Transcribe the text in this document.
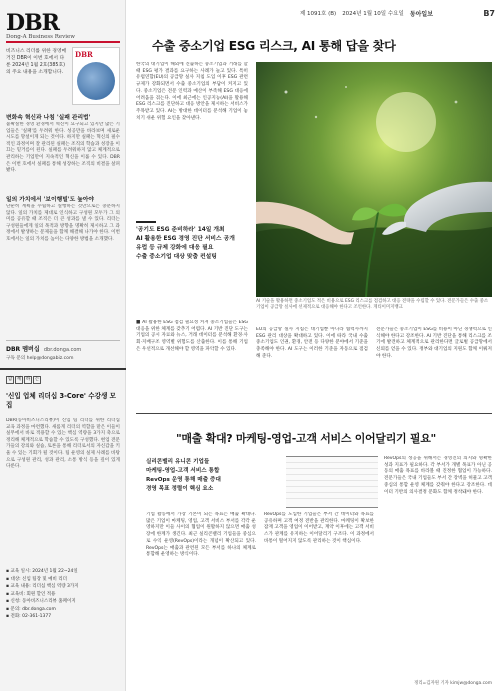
DBR
Dong-A Business Review
비즈니스 리더를 위한 경영매거진 DBR이 이번 호에서 다룬 2024년 1월 2호(385호)의 주요 내용을 소개합니다.
DBR
변화속 혁신과 나침 '실패 관리법'
불확실한 경영 환경에서 혁신이 요구되고 있지만 많은 기업들은 '실패'를 두려워 한다. 성공만을 바라보며 새로운 시도를 망설이게 되는 것이다. 하지만 실패는 혁신의 필수적인 과정이며 잘 관리된 실패는 조직의 학습과 성장을 이끄는 밑거름이 된다. 실패를 두려워하지 않고 체계적으로 관리하는 기업만이 지속적인 혁신을 이룰 수 있다. DBR은 이번 호에서 실패를 통해 성장하는 조직의 비결을 살펴봤다.
일의 가치에서 '보이행빌'도 높아야
단순히 계획을 수립하고 실행하는 것만으로는 충분하지 않다. 일의 가치를 제대로 인식하고 구성원 모두가 그 의미를 공유할 때 조직은 더 큰 성과를 낼 수 있다. 리더는 구성원들에게 일의 목적과 방향을 명확히 제시하고 그 과정에서 발생하는 문제들을 함께 해결해 나가야 한다. 이번 호에서는 일의 가치를 높이는 다양한 방법을 소개했다.
DBR 멤버십 dbr.donga.com
구독 문의 help@dongabiz.com
함	께	하	는
'신입 업체 리더십 3-Core' 수강생 모집
DBR(동아비즈니스리뷰)이 신임 팀 리더를 위한 리더십 교육 과정을 마련했다. 새롭게 리더의 역할을 맡은 이들이 실무에서 바로 적용할 수 있는 핵심 역량을 3가지 축으로 정리해 체계적으로 학습할 수 있도록 구성했다. 현업 전문가들의 강의와 실습, 토론을 통해 리더로서의 자신감을 키울 수 있는 기회가 될 것이다. 팀 운영의 실제 사례를 바탕으로 구성원 관리, 성과 관리, 소통 방식 등을 깊이 있게 다룬다.
▪ 교육 일시: 2024년 1월 22~24일
▪ 대상: 신임 팀장 및 예비 리더
▪ 교육 내용: 리더십 핵심 역량 3가지
▪ 교육비: 회원 할인 적용
▪ 신청: 동아비즈니스리뷰 홈페이지
▪ 문의: dbr.donga.com
▪ 전화: 02-361-1377
제 1091호 (B) 2024년 1월 10일 수요일 동아일보	B7
수출 중소기업 ESG 리스크, AI 통해 답을 찾다
한국의 대기업이 해외에 진출하는 중소기업과 거래를 할 때 ESG 평가 결과를 요구하는 사례가 늘고 있다. 특히 유럽연합(EU)의 공급망 실사 지침 도입 이후 ESG 관련 규제가 강화되면서 수출 중소기업의 부담이 커지고 있다. 중소기업은 전문 인력과 예산이 부족해 ESG 대응에 어려움을 겪는다. 이에 최근에는 인공지능(AI)을 활용해 ESG 리스크를 진단하고 대응 방안을 제시하는 서비스가 주목받고 있다. AI는 방대한 데이터를 분석해 기업이 놓치기 쉬운 위험 요인을 찾아낸다.
'공기도 ESG 준비하라' 14일 개최
AI 활용한 ESG 경영 진단 서비스 공개
유럽 등 규제 강화에 대응 필요
수출 중소기업 대상 맞춤 컨설팅
AI 기술을 활용하면 중소기업도 적은 비용으로 ESG 리스크를 점검하고 대응 전략을 수립할 수 있다. 전문가들은 수출 중소기업이 공급망 실사에 선제적으로 대응해야 한다고 조언한다. 게티이미지뱅크
■ AI 활용한 ESG 점검 필요성 커져 중소기업들은 ESG 대응을 위한 체계를 갖추기 어렵다. AI 기반 진단 도구는 기업의 공시 자료와 뉴스, 거래 데이터를 분석해 환경·사회·지배구조 영역별 위험도를 산출한다. 이를 통해 기업은 우선적으로 개선해야 할 영역을 파악할 수 있다.
EU의 공급망 실사 지침은 대기업뿐 아니라 협력사까지 ESG 관리 대상을 확대하고 있다. 이에 따라 국내 수출 중소기업도 인권, 환경, 안전 등 다양한 분야에서 기준을 충족해야 한다. AI 도구는 이러한 기준을 자동으로 점검해 준다.
전문가들은 중소기업이 ESG를 비용이 아닌 경쟁력으로 인식해야 한다고 강조한다. AI 기반 진단을 통해 리스크를 조기에 발견하고 체계적으로 관리한다면 글로벌 공급망에서 신뢰를 얻을 수 있다. 정부와 대기업의 지원도 함께 이뤄져야 한다.
"매출 확대? 마케팅-영업-고객 서비스 이어달리기 필요"
실리콘밸리 유니콘 기업들
마케팅-영업-고객 서비스 통합
RevOps 운영 통해 매출 증대
경영 목표 정렬이 핵심 요소
기업 활동에서 가장 기본이 되는 목표는 매출 확대다. 많은 기업이 마케팅, 영업, 고객 서비스 부서를 각각 운영하지만 이들 사이의 협업이 원활하지 않으면 매출 성장에 한계가 생긴다. 최근 실리콘밸리 기업들을 중심으로 수익 운영(RevOps)이라는 개념이 확산되고 있다. RevOps는 매출과 관련된 모든 부서를 하나의 체계로 통합해 운영하는 방식이다.
RevOps를 도입한 기업들은 부서 간 데이터와 목표를 공유하며 고객 여정 전반을 관리한다. 마케팅이 확보한 잠재 고객을 영업이 이어받고, 계약 이후에는 고객 서비스가 관계를 유지하는 이어달리기 구조다. 이 과정에서 바통이 떨어지지 않도록 관리하는 것이 핵심이다.
RevOps의 성공을 위해서는 경영진의 의지와 명확한 성과 지표가 필요하다. 각 부서가 개별 목표가 아닌 공동의 매출 목표를 바라볼 때 진정한 협업이 가능하다. 전문가들은 국내 기업들도 부서 간 장벽을 허물고 고객 중심의 통합 운영 체계를 갖춰야 한다고 강조한다. 데이터 기반의 의사결정 문화도 함께 정착돼야 한다.
정리=김자원 기자 kimjw@donga.com
